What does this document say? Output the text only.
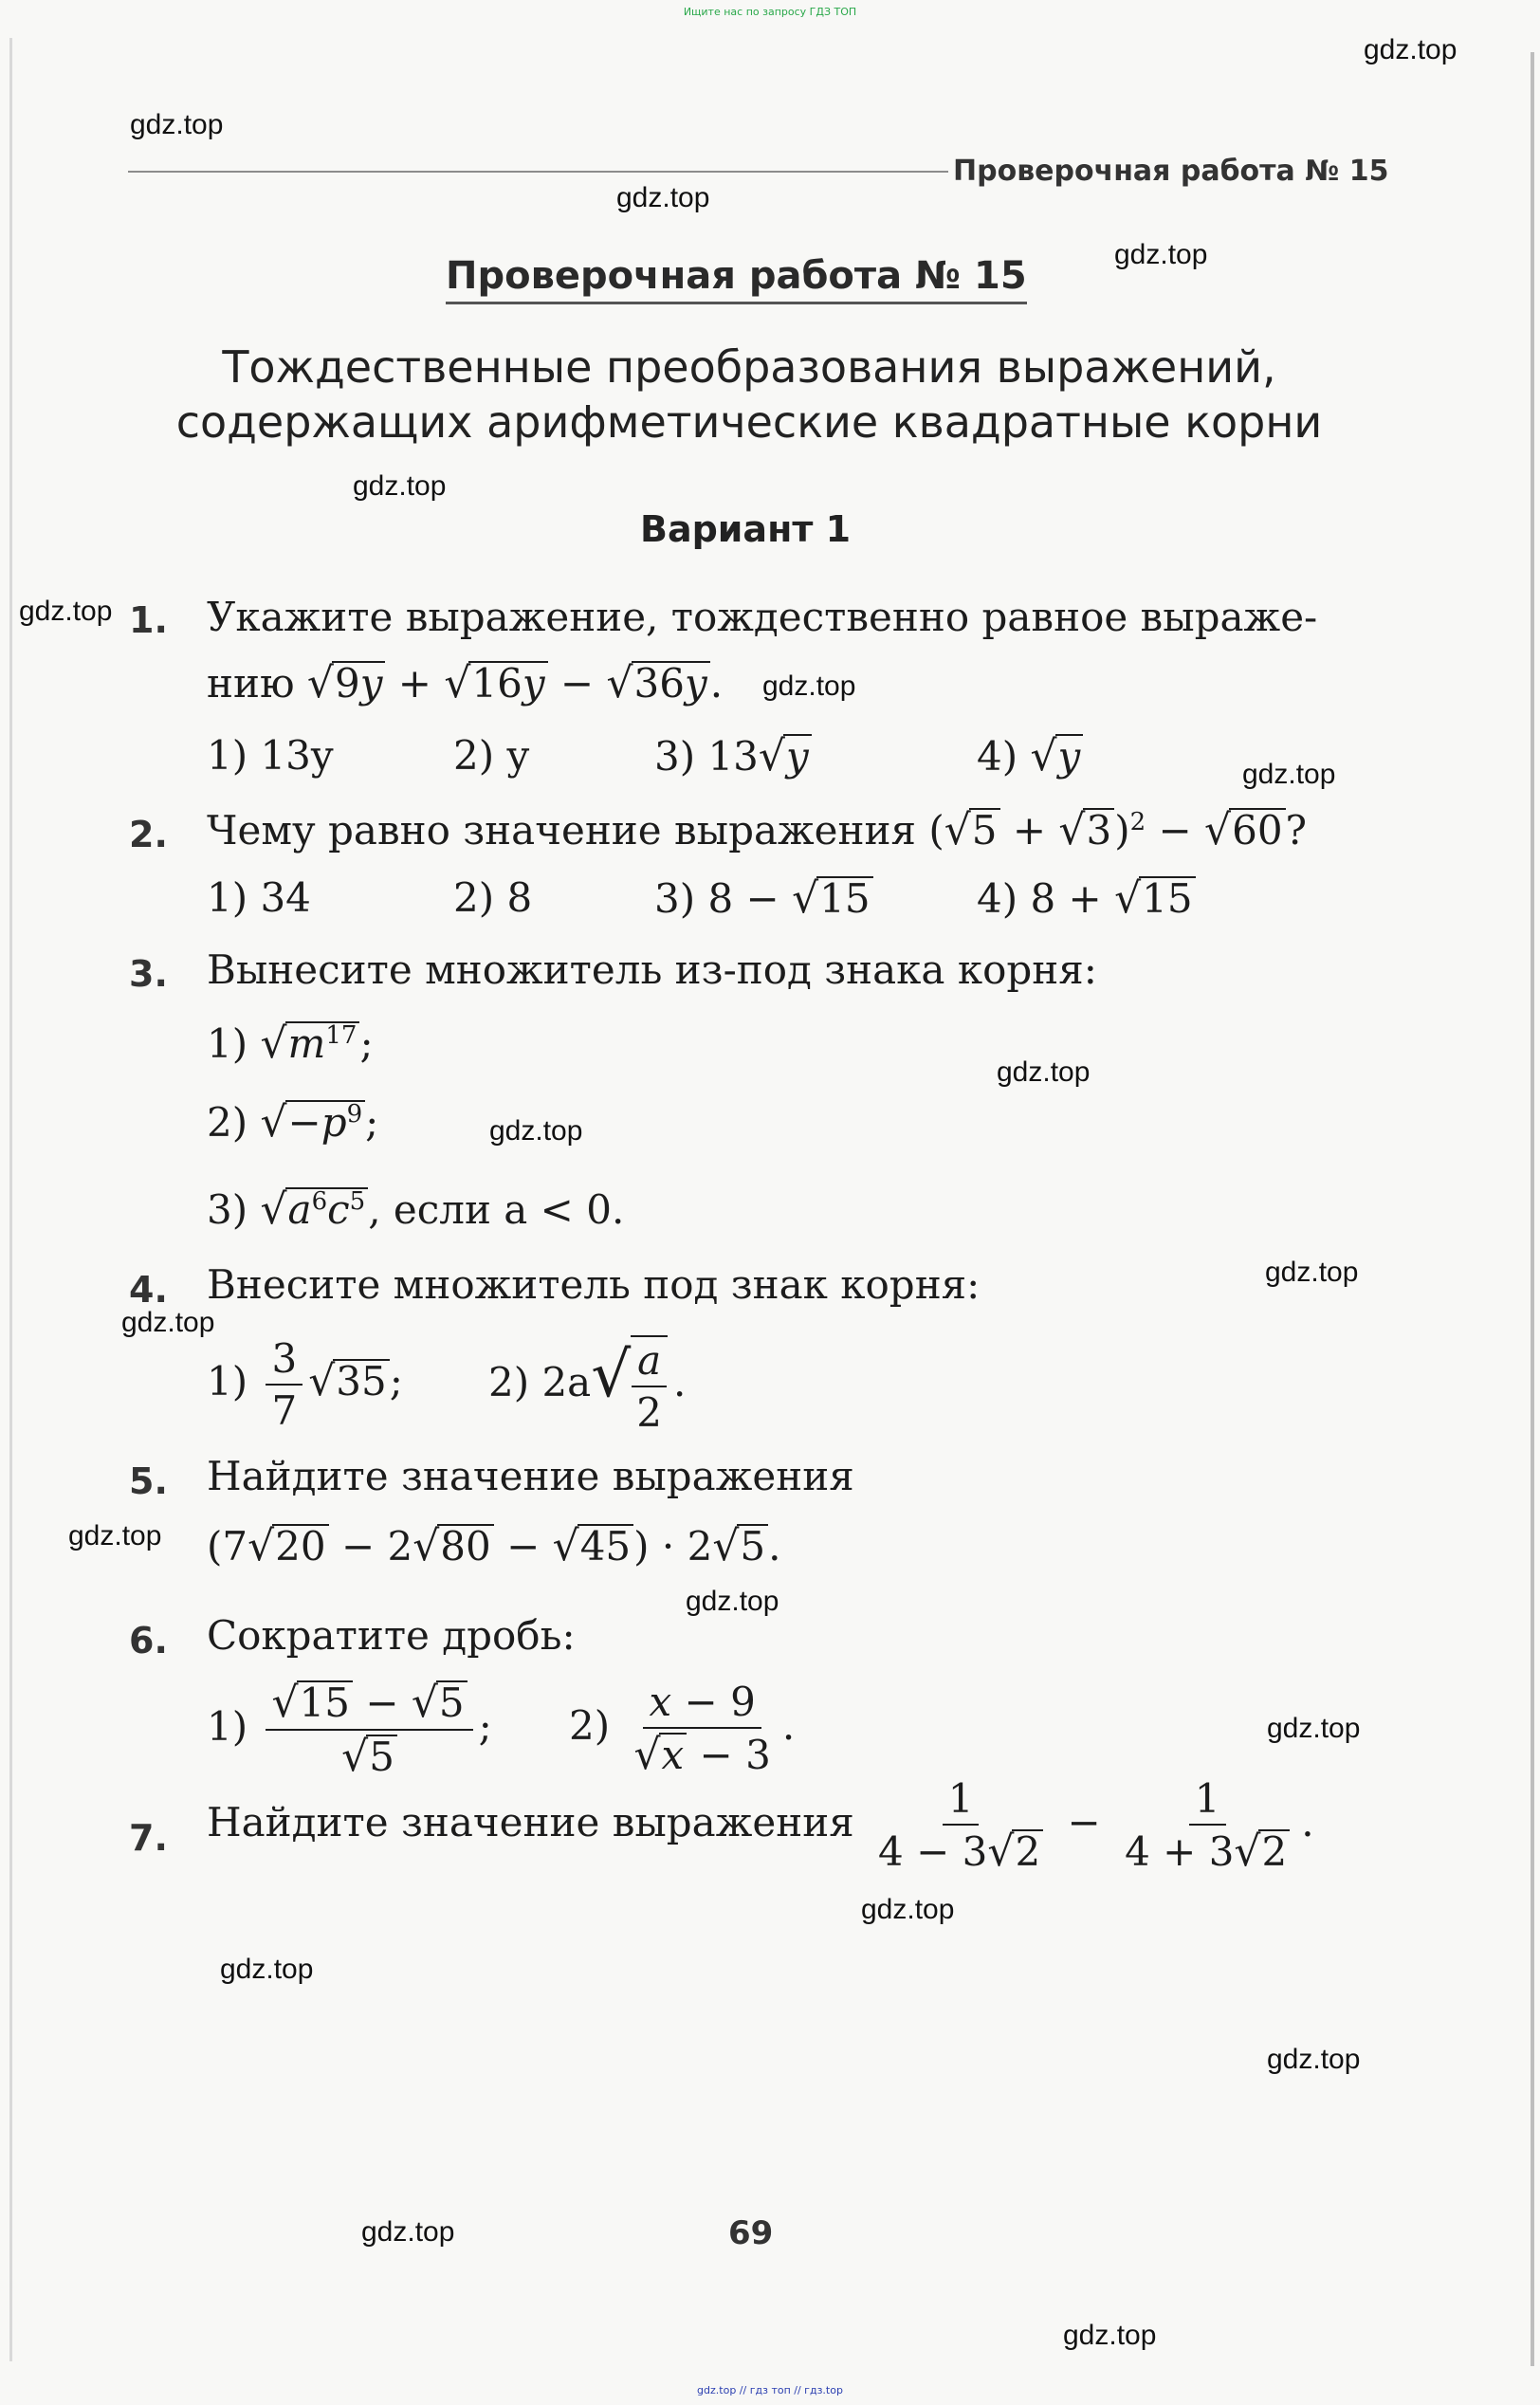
Ищите нас по запросу ГДЗ ТОП
gdz.top
gdz.top
gdz.top
gdz.top
gdz.top
gdz.top
gdz.top
gdz.top
gdz.top
gdz.top
gdz.top
gdz.top
gdz.top
gdz.top
gdz.top
gdz.top
gdz.top
gdz.top
gdz.top
gdz.top
Проверочная работа № 15
Проверочная работа № 15
Тождественные преобразования выражений,
содержащих арифметические квадратные корни
Вариант 1
1. Укажите выражение, тождественно равное выраже-
нию √9y + √16y − √36y.
1) 13y	2) y	3) 13√y	4) √y
2. Чему равно значение выражения $(√5 + √3)^2 - √60$?
1) 34	2) 8	3) 8 − √15	4) 8 + √15
3. Вынесите множитель из-под знака корня:
1) $√m^{17}$;
2) $√-p^9$;
3) $√a^6c^5$, если a < 0.
4. Внесите множитель под знак корня:
$1) \frac{3}{7} √35$; 2) $2a√ \frac{a}{2}$ .
5. Найдите значение выражения
(7√20 − 2√80 − √45) · 2√5.
6. Сократите дробь:
$1) \frac{√15 - √5}{√5}$ ; $2) \frac{x - 9}{√x - 3}$ .
7. Найдите значение выражения $\frac{1}{4 - 3√2} - \frac{1}{4 + 3√2}$ .
69
gdz.top // гдз топ // гдз.top
